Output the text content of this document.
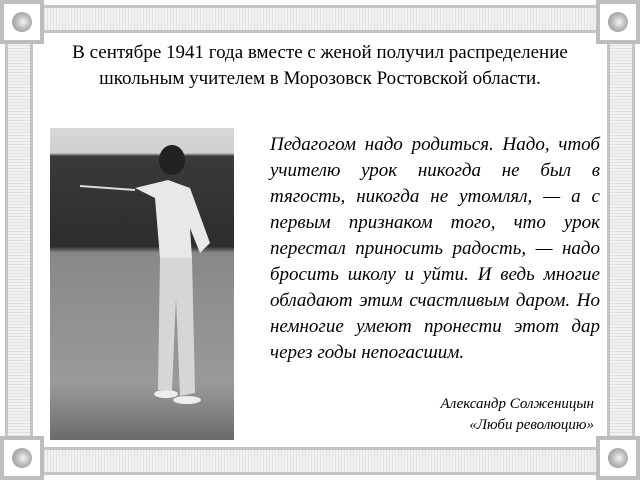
В сентябре 1941 года вместе с женой получил распределение школьным учителем в Морозовск Ростовской области.
Педагогом надо родиться. Надо, чтоб учителю урок никогда не был в тягость, никогда не утомлял, — а с первым признаком того, что урок перестал приносить радость, — надо бросить школу и уйти. И ведь многие обладают этим счастливым даром. Но немногие умеют пронести этот дар через годы непогасшим.
Александр Солженицын
«Люби революцию»
